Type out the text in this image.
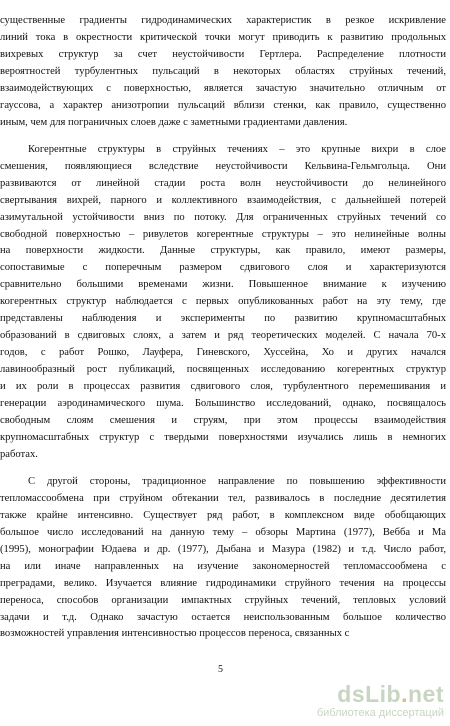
существенные градиенты гидродинамических характеристик в резкое искривление
линий тока в окрестности критической точки могут приводить к развитию продольных
вихревых структур за счет неустойчивости Гертлера. Распределение плотности
вероятностей турбулентных пульсаций в некоторых областях струйных течений,
взаимодействующих с поверхностью, является зачастую значительно отличным от
гауссова, а характер анизотропии пульсаций вблизи стенки, как правило, существенно
иным, чем для пограничных слоев даже с заметными градиентами давления.
Когерентные структуры в струйных течениях – это крупные вихри в слое
смешения, появляющиеся вследствие неустойчивости Кельвина-Гельмгольца. Они
развиваются от линейной стадии роста волн неустойчивости до нелинейного
свертывания вихрей, парного и коллективного взаимодействия, с дальнейшей потерей
азимутальной устойчивости вниз по потоку. Для ограниченных струйных течений со
свободной поверхностью – ривулетов когерентные структуры – это нелинейные волны
на поверхности жидкости. Данные структуры, как правило, имеют размеры,
сопоставимые с поперечным размером сдвигового слоя и характеризуются
сравнительно большими временами жизни. Повышенное внимание к изучению
когерентных структур наблюдается с первых опубликованных работ на эту тему, где
представлены наблюдения и эксперименты по развитию крупномасштабных
образований в сдвиговых слоях, а затем и ряд теоретических моделей. С начала 70-х
годов, с работ Рошко, Лауфера, Гиневского, Хуссейна, Хо и других начался
лавинообразный рост публикаций, посвященных исследованию когерентных структур
и их роли в процессах развития сдвигового слоя, турбулентного перемешивания и
генерации аэродинамического шума. Большинство исследований, однако, посвящалось
свободным слоям смешения и струям, при этом процессы взаимодействия
крупномасштабных структур с твердыми поверхностями изучались лишь в немногих
работах.
С другой стороны, традиционное направление по повышению эффективности
тепломассообмена при струйном обтекании тел, развивалось в последние десятилетия
также крайне интенсивно. Существует ряд работ, в комплексном виде обобщающих
большое число исследований на данную тему – обзоры Мартина (1977), Вебба и Ма
(1995), монографии Юдаева и др. (1977), Дыбана и Мазура (1982) и т.д. Число работ,
на или иначе направленных на изучение закономерностей тепломассообмена с
преградами, велико. Изучается влияние гидродинамики струйного течения на процессы
переноса, способов организации импактных струйных течений, тепловых условий
задачи и т.д. Однако зачастую остается неиспользованным большое количество
возможностей управления интенсивностью процессов переноса, связанных с
5
dsLib.net
библиотека диссертаций
